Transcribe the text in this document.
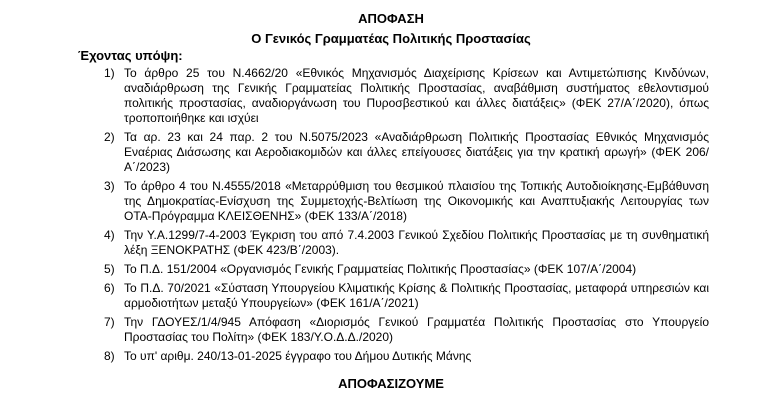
ΑΠΟΦΑΣΗ
Ο Γενικός Γραμματέας Πολιτικής Προστασίας
Έχοντας υπόψη:
1) Το άρθρο 25 του Ν.4662/20 «Εθνικός Μηχανισμός Διαχείρισης Κρίσεων και Αντιμετώπισης Κινδύνων, αναδιάρθρωση της Γενικής Γραμματείας Πολιτικής Προστασίας, αναβάθμιση συστήματος εθελοντισμού πολιτικής προστασίας, αναδιοργάνωση του Πυροσβεστικού και άλλες διατάξεις» (ΦΕΚ 27/Α΄/2020), όπως τροποποιήθηκε και ισχύει
2) Τα αρ. 23 και 24 παρ. 2 του Ν.5075/2023 «Αναδιάρθρωση Πολιτικής Προστασίας Εθνικός Μηχανισμός Εναέριας Διάσωσης και Αεροδιακομιδών και άλλες επείγουσες διατάξεις για την κρατική αρωγή» (ΦΕΚ 206/Α΄/2023)
3) Το άρθρο 4 του Ν.4555/2018 «Μεταρρύθμιση του θεσμικού πλαισίου της Τοπικής Αυτοδιοίκησης-Εμβάθυνση της Δημοκρατίας-Ενίσχυση της Συμμετοχής-Βελτίωση της Οικονομικής και Αναπτυξιακής Λειτουργίας των ΟΤΑ-Πρόγραμμα ΚΛΕΙΣΘΕΝΗΣ» (ΦΕΚ 133/Α΄/2018)
4) Την Υ.Α.1299/7-4-2003 Έγκριση του από 7.4.2003 Γενικού Σχεδίου Πολιτικής Προστασίας με τη συνθηματική λέξη ΞΕΝΟΚΡΑΤΗΣ (ΦΕΚ 423/Β΄/2003).
5) Το Π.Δ. 151/2004 «Οργανισμός Γενικής Γραμματείας Πολιτικής Προστασίας» (ΦΕΚ 107/Α΄/2004)
6) Το Π.Δ. 70/2021 «Σύσταση Υπουργείου Κλιματικής Κρίσης & Πολιτικής Προστασίας, μεταφορά υπηρεσιών και αρμοδιοτήτων μεταξύ Υπουργείων» (ΦΕΚ 161/Α΄/2021)
7) Την ΓΔΟΥΕΣ/1/4/945 Απόφαση «Διορισμός Γενικού Γραμματέα Πολιτικής Προστασίας στο Υπουργείο Προστασίας του Πολίτη» (ΦΕΚ 183/Υ.Ο.Δ.Δ./2020)
8) Το υπ' αριθμ. 240/13-01-2025 έγγραφο του Δήμου Δυτικής Μάνης
ΑΠΟΦΑΣΙΖΟΥΜΕ
